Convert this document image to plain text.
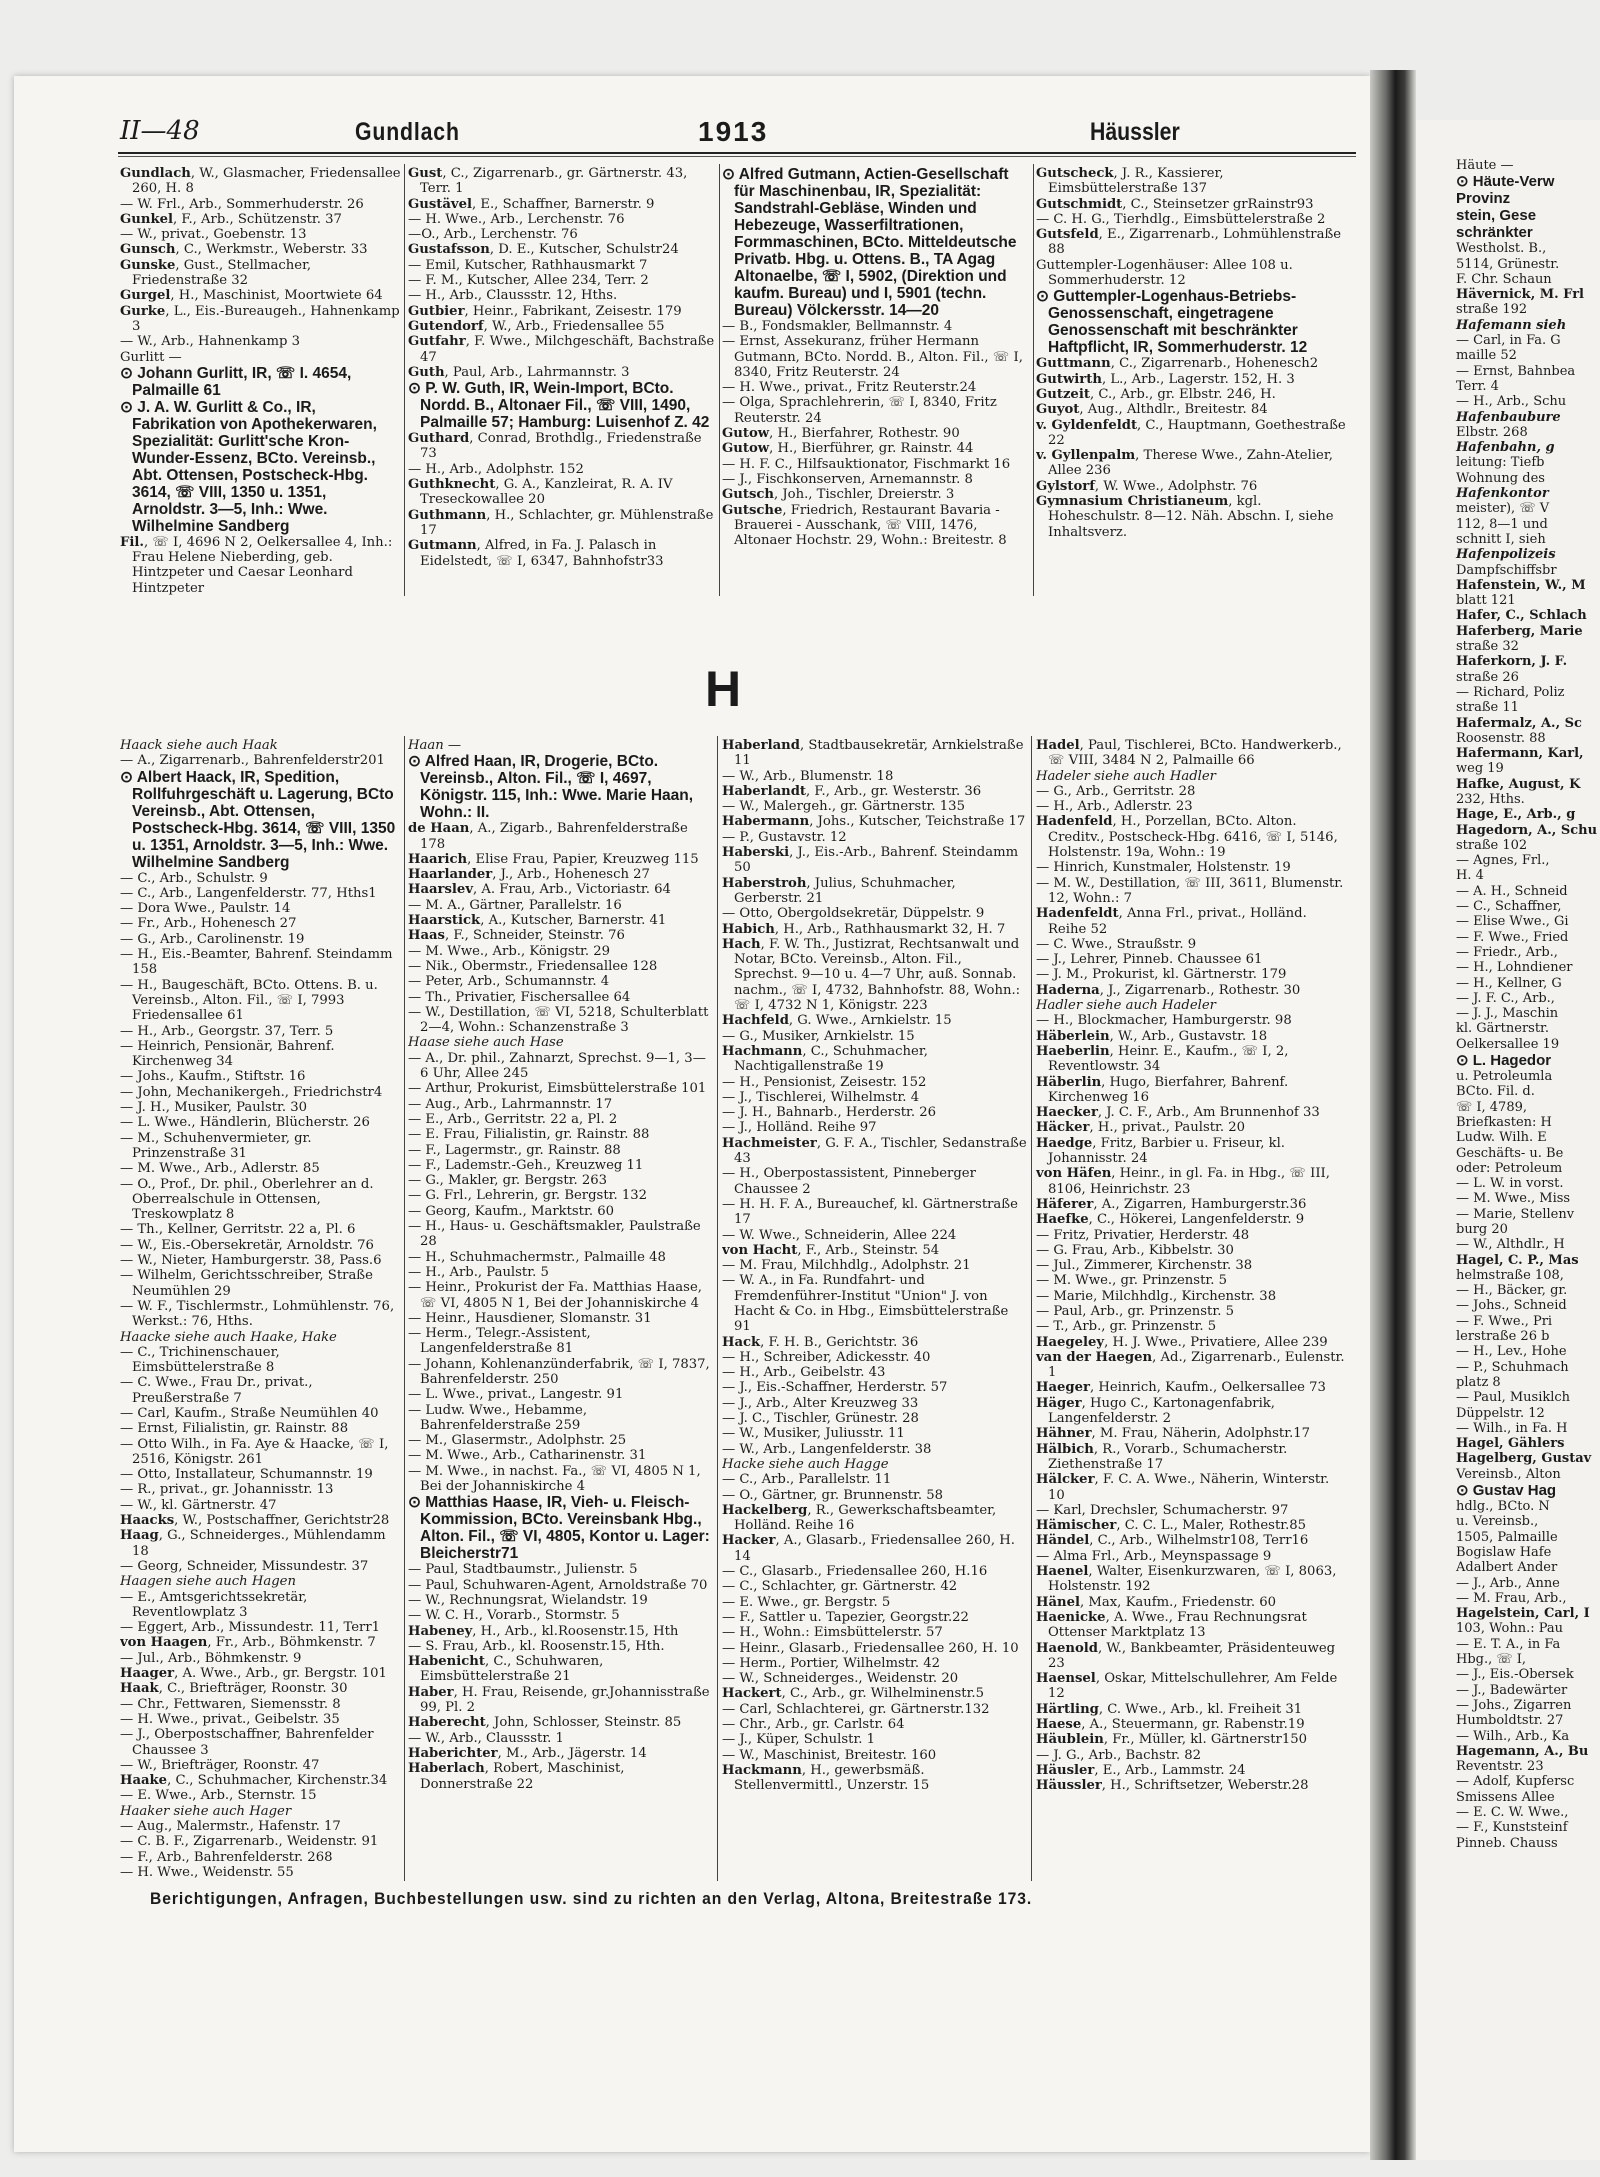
II—48	Gundlach	1913	Häussler

Gundlach, W., Glasmacher, Friedensallee 260, H. 8

— W. Frl., Arb., Sommerhuderstr. 26

Gunkel, F., Arb., Schützenstr. 37

— W., privat., Goebenstr. 13

Gunsch, C., Werkmstr., Weberstr. 33

Gunske, Gust., Stellmacher, Friedenstraße 32

Gurgel, H., Maschinist, Moortwiete 64

Gurke, L., Eis.-Bureaugeh., Hahnenkamp 3

— W., Arb., Hahnenkamp 3

Gurlitt —

⊙ Johann Gurlitt, IR, ☏ I. 4654, Palmaille 61

⊙ J. A. W. Gurlitt & Co., IR, Fabrikation von Apothekerwaren, Spezialität: Gurlitt'sche Kron-Wunder-Essenz, BCto. Vereinsb., Abt. Ottensen, Postscheck-Hbg. 3614, ☏ VIII, 1350 u. 1351, Arnoldstr. 3—5, Inh.: Wwe. Wilhelmine Sandberg

Fil., ☏ I, 4696 N 2, Oelkersallee 4, Inh.: Frau Helene Nieberding, geb. Hintzpeter und Caesar Leonhard Hintzpeter

Gust, C., Zigarrenarb., gr. Gärtnerstr. 43, Terr. 1

Gustävel, E., Schaffner, Barnerstr. 9

— H. Wwe., Arb., Lerchenstr. 76

—O., Arb., Lerchenstr. 76

Gustafsson, D. E., Kutscher, Schulstr24

— Emil, Kutscher, Rathhausmarkt 7

— F. M., Kutscher, Allee 234, Terr. 2

— H., Arb., Claussstr. 12, Hths.

Gutbier, Heinr., Fabrikant, Zeisestr. 179

Gutendorf, W., Arb., Friedensallee 55

Gutfahr, F. Wwe., Milchgeschäft, Bachstraße 47

Guth, Paul, Arb., Lahrmannstr. 3

⊙ P. W. Guth, IR, Wein-Import, BCto. Nordd. B., Altonaer Fil., ☏ VIII, 1490, Palmaille 57; Hamburg: Luisenhof Z. 42

Guthard, Conrad, Brothdlg., Friedenstraße 73

— H., Arb., Adolphstr. 152

Guthknecht, G. A., Kanzleirat, R. A. IV Treseckowallee 20

Guthmann, H., Schlachter, gr. Mühlenstraße 17

Gutmann, Alfred, in Fa. J. Palasch in Eidelstedt, ☏ I, 6347, Bahnhofstr33

⊙ Alfred Gutmann, Actien-Gesellschaft für Maschinenbau, IR, Spezialität: Sandstrahl-Gebläse, Winden und Hebezeuge, Wasserfiltrationen, Formmaschinen, BCto. Mitteldeutsche Privatb. Hbg. u. Ottens. B., TA Agag Altonaelbe, ☏ I, 5902, (Direktion und kaufm. Bureau) und I, 5901 (techn. Bureau) Völckersstr. 14—20

— B., Fondsmakler, Bellmannstr. 4

— Ernst, Assekuranz, früher Hermann Gutmann, BCto. Nordd. B., Alton. Fil., ☏ I, 8340, Fritz Reuterstr. 24

— H. Wwe., privat., Fritz Reuterstr.24

— Olga, Sprachlehrerin, ☏ I, 8340, Fritz Reuterstr. 24

Gutow, H., Bierfahrer, Rothestr. 90

Gutow, H., Bierführer, gr. Rainstr. 44

— H. F. C., Hilfsauktionator, Fischmarkt 16

— J., Fischkonserven, Arnemannstr. 8

Gutsch, Joh., Tischler, Dreierstr. 3

Gutsche, Friedrich, Restaurant Bavaria - Brauerei - Ausschank, ☏ VIII, 1476, Altonaer Hochstr. 29, Wohn.: Breitestr. 8

Gutscheck, J. R., Kassierer, Eimsbüttelerstraße 137

Gutschmidt, C., Steinsetzer grRainstr93

— C. H. G., Tierhdlg., Eimsbüttelerstraße 2

Gutsfeld, E., Zigarrenarb., Lohmühlenstraße 88

Guttempler-Logenhäuser: Allee 108 u. Sommerhuderstr. 12

⊙ Guttempler-Logenhaus-Betriebs-Genossenschaft, eingetragene Genossenschaft mit beschränkter Haftpflicht, IR, Sommerhuderstr. 12

Guttmann, C., Zigarrenarb., Hohenesch2

Gutwirth, L., Arb., Lagerstr. 152, H. 3

Gutzeit, C., Arb., gr. Elbstr. 246, H.

Guyot, Aug., Althdlr., Breitestr. 84

v. Gyldenfeldt, C., Hauptmann, Goethestraße 22

v. Gyllenpalm, Therese Wwe., Zahn-Atelier, Allee 236

Gylstorf, W. Wwe., Adolphstr. 76

Gymnasium Christianeum, kgl. Hoheschulstr. 8—12. Näh. Abschn. I, siehe Inhaltsverz.

H

Haack siehe auch Haak

— A., Zigarrenarb., Bahrenfelderstr201

⊙ Albert Haack, IR, Spedition, Rollfuhrgeschäft u. Lagerung, BCto Vereinsb., Abt. Ottensen, Postscheck-Hbg. 3614, ☏ VIII, 1350 u. 1351, Arnoldstr. 3—5, Inh.: Wwe. Wilhelmine Sandberg

— C., Arb., Schulstr. 9

— C., Arb., Langenfelderstr. 77, Hths1

— Dora Wwe., Paulstr. 14

— Fr., Arb., Hohenesch 27

— G., Arb., Carolinenstr. 19

— H., Eis.-Beamter, Bahrenf. Steindamm 158

— H., Baugeschäft, BCto. Ottens. B. u. Vereinsb., Alton. Fil., ☏ I, 7993 Friedensallee 61

— H., Arb., Georgstr. 37, Terr. 5

— Heinrich, Pensionär, Bahrenf. Kirchenweg 34

— Johs., Kaufm., Stiftstr. 16

— John, Mechanikergeh., Friedrichstr4

— J. H., Musiker, Paulstr. 30

— L. Wwe., Händlerin, Blücherstr. 26

— M., Schuhenvermieter, gr. Prinzenstraße 31

— M. Wwe., Arb., Adlerstr. 85

— O., Prof., Dr. phil., Oberlehrer an d. Oberrealschule in Ottensen, Treskowplatz 8

— Th., Kellner, Gerritstr. 22 a, Pl. 6

— W., Eis.-Obersekretär, Arnoldstr. 76

— W., Nieter, Hamburgerstr. 38, Pass.6

— Wilhelm, Gerichtsschreiber, Straße Neumühlen 29

— W. F., Tischlermstr., Lohmühlenstr. 76, Werkst.: 76, Hths.

Haacke siehe auch Haake, Hake

— C., Trichinenschauer, Eimsbüttelerstraße 8

— C. Wwe., Frau Dr., privat., Preußerstraße 7

— Carl, Kaufm., Straße Neumühlen 40

— Ernst, Filialistin, gr. Rainstr. 88

— Otto Wilh., in Fa. Aye & Haacke, ☏ I, 2516, Königstr. 261

— Otto, Installateur, Schumannstr. 19

— R., privat., gr. Johannisstr. 13

— W., kl. Gärtnerstr. 47

Haacks, W., Postschaffner, Gerichtstr28

Haag, G., Schneiderges., Mühlendamm 18

— Georg, Schneider, Missundestr. 37

Haagen siehe auch Hagen

— E., Amtsgerichtssekretär, Reventlowplatz 3

— Eggert, Arb., Missundestr. 11, Terr1

von Haagen, Fr., Arb., Böhmkenstr. 7

— Jul., Arb., Böhmkenstr. 9

Haager, A. Wwe., Arb., gr. Bergstr. 101

Haak, C., Briefträger, Roonstr. 30

— Chr., Fettwaren, Siemensstr. 8

— H. Wwe., privat., Geibelstr. 35

— J., Oberpostschaffner, Bahrenfelder Chaussee 3

— W., Briefträger, Roonstr. 47

Haake, C., Schuhmacher, Kirchenstr.34

— E. Wwe., Arb., Sternstr. 15

Haaker siehe auch Hager

— Aug., Malermstr., Hafenstr. 17

— C. B. F., Zigarrenarb., Weidenstr. 91

— F., Arb., Bahrenfelderstr. 268

— H. Wwe., Weidenstr. 55

Haan —

⊙ Alfred Haan, IR, Drogerie, BCto. Vereinsb., Alton. Fil., ☏ I, 4697, Königstr. 115, Inh.: Wwe. Marie Haan, Wohn.: II.

de Haan, A., Zigarb., Bahrenfelderstraße 178

Haarich, Elise Frau, Papier, Kreuzweg 115

Haarlander, J., Arb., Hohenesch 27

Haarslev, A. Frau, Arb., Victoriastr. 64

— M. A., Gärtner, Parallelstr. 16

Haarstick, A., Kutscher, Barnerstr. 41

Haas, F., Schneider, Steinstr. 76

— M. Wwe., Arb., Königstr. 29

— Nik., Obermstr., Friedensallee 128

— Peter, Arb., Schumannstr. 4

— Th., Privatier, Fischersallee 64

— W., Destillation, ☏ VI, 5218, Schulterblatt 2—4, Wohn.: Schanzenstraße 3

Haase siehe auch Hase

— A., Dr. phil., Zahnarzt, Sprechst. 9—1, 3—6 Uhr, Allee 245

— Arthur, Prokurist, Eimsbüttelerstraße 101

— Aug., Arb., Lahrmannstr. 17

— E., Arb., Gerritstr. 22 a, Pl. 2

— E. Frau, Filialistin, gr. Rainstr. 88

— F., Lagermstr., gr. Rainstr. 88

— F., Lademstr.-Geh., Kreuzweg 11

— G., Makler, gr. Bergstr. 263

— G. Frl., Lehrerin, gr. Bergstr. 132

— Georg, Kaufm., Marktstr. 60

— H., Haus- u. Geschäftsmakler, Paulstraße 28

— H., Schuhmachermstr., Palmaille 48

— H., Arb., Paulstr. 5

— Heinr., Prokurist der Fa. Matthias Haase, ☏ VI, 4805 N 1, Bei der Johanniskirche 4

— Heinr., Hausdiener, Slomanstr. 31

— Herm., Telegr.-Assistent, Langenfelderstraße 81

— Johann, Kohlenanzünderfabrik, ☏ I, 7837, Bahrenfelderstr. 250

— L. Wwe., privat., Langestr. 91

— Ludw. Wwe., Hebamme, Bahrenfelderstraße 259

— M., Glasermstr., Adolphstr. 25

— M. Wwe., Arb., Catharinenstr. 31

— M. Wwe., in nachst. Fa., ☏ VI, 4805 N 1, Bei der Johanniskirche 4

⊙ Matthias Haase, IR, Vieh- u. Fleisch-Kommission, BCto. Vereinsbank Hbg., Alton. Fil., ☏ VI, 4805, Kontor u. Lager: Bleicherstr71

— Paul, Stadtbaumstr., Julienstr. 5

— Paul, Schuhwaren-Agent, Arnoldstraße 70

— W., Rechnungsrat, Wielandstr. 19

— W. C. H., Vorarb., Stormstr. 5

Habeney, H., Arb., kl.Roosenstr.15, Hth

— S. Frau, Arb., kl. Roosenstr.15, Hth.

Habenicht, C., Schuhwaren, Eimsbüttelerstraße 21

Haber, H. Frau, Reisende, gr.Johannisstraße 99, Pl. 2

Haberecht, John, Schlosser, Steinstr. 85

— W., Arb., Claussstr. 1

Haberichter, M., Arb., Jägerstr. 14

Haberlach, Robert, Maschinist, Donnerstraße 22

Haberland, Stadtbausekretär, Arnkielstraße 11

— W., Arb., Blumenstr. 18

Haberlandt, F., Arb., gr. Westerstr. 36

— W., Malergeh., gr. Gärtnerstr. 135

Habermann, Johs., Kutscher, Teichstraße 17

— P., Gustavstr. 12

Haberski, J., Eis.-Arb., Bahrenf. Steindamm 50

Haberstroh, Julius, Schuhmacher, Gerberstr. 21

— Otto, Obergoldsekretär, Düppelstr. 9

Habich, H., Arb., Rathhausmarkt 32, H. 7

Hach, F. W. Th., Justizrat, Rechtsanwalt und Notar, BCto. Vereinsb., Alton. Fil., Sprechst. 9—10 u. 4—7 Uhr, auß. Sonnab. nachm., ☏ I, 4732, Bahnhofstr. 88, Wohn.: ☏ I, 4732 N 1, Königstr. 223

Hachfeld, G. Wwe., Arnkielstr. 15

— G., Musiker, Arnkielstr. 15

Hachmann, C., Schuhmacher, Nachtigallenstraße 19

— H., Pensionist, Zeisestr. 152

— J., Tischlerei, Wilhelmstr. 4

— J. H., Bahnarb., Herderstr. 26

— J., Holländ. Reihe 97

Hachmeister, G. F. A., Tischler, Sedanstraße 43

— H., Oberpostassistent, Pinneberger Chaussee 2

— H. H. F. A., Bureauchef, kl. Gärtnerstraße 17

— W. Wwe., Schneiderin, Allee 224

von Hacht, F., Arb., Steinstr. 54

— M. Frau, Milchhdlg., Adolphstr. 21

— W. A., in Fa. Rundfahrt- und Fremdenführer-Institut "Union" J. von Hacht & Co. in Hbg., Eimsbüttelerstraße 91

Hack, F. H. B., Gerichtstr. 36

— H., Schreiber, Adickesstr. 40

— H., Arb., Geibelstr. 43

— J., Eis.-Schaffner, Herderstr. 57

— J., Arb., Alter Kreuzweg 33

— J. C., Tischler, Grünestr. 28

— W., Musiker, Juliusstr. 11

— W., Arb., Langenfelderstr. 38

Hacke siehe auch Hagge

— C., Arb., Parallelstr. 11

— O., Gärtner, gr. Brunnenstr. 58

Hackelberg, R., Gewerkschaftsbeamter, Holländ. Reihe 16

Hacker, A., Glasarb., Friedensallee 260, H. 14

— C., Glasarb., Friedensallee 260, H.16

— C., Schlachter, gr. Gärtnerstr. 42

— E. Wwe., gr. Bergstr. 5

— F., Sattler u. Tapezier, Georgstr.22

— H., Wohn.: Eimsbüttelerstr. 57

— Heinr., Glasarb., Friedensallee 260, H. 10

— Herm., Portier, Wilhelmstr. 42

— W., Schneiderges., Weidenstr. 20

Hackert, C., Arb., gr. Wilhelminenstr.5

— Carl, Schlachterei, gr. Gärtnerstr.132

— Chr., Arb., gr. Carlstr. 64

— J., Küper, Schulstr. 1

— W., Maschinist, Breitestr. 160

Hackmann, H., gewerbsmäß. Stellenvermittl., Unzerstr. 15

Hadel, Paul, Tischlerei, BCto. Handwerkerb., ☏ VIII, 3484 N 2, Palmaille 66

Hadeler siehe auch Hadler

— G., Arb., Gerritstr. 28

— H., Arb., Adlerstr. 23

Hadenfeld, H., Porzellan, BCto. Alton. Creditv., Postscheck-Hbg. 6416, ☏ I, 5146, Holstenstr. 19a, Wohn.: 19

— Hinrich, Kunstmaler, Holstenstr. 19

— M. W., Destillation, ☏ III, 3611, Blumenstr. 12, Wohn.: 7

Hadenfeldt, Anna Frl., privat., Holländ. Reihe 52

— C. Wwe., Straußstr. 9

— J., Lehrer, Pinneb. Chaussee 61

— J. M., Prokurist, kl. Gärtnerstr. 179

Haderna, J., Zigarrenarb., Rothestr. 30

Hadler siehe auch Hadeler

— H., Blockmacher, Hamburgerstr. 98

Häberlein, W., Arb., Gustavstr. 18

Haeberlin, Heinr. E., Kaufm., ☏ I, 2, Reventlowstr. 34

Häberlin, Hugo, Bierfahrer, Bahrenf. Kirchenweg 16

Haecker, J. C. F., Arb., Am Brunnenhof 33

Häcker, H., privat., Paulstr. 20

Haedge, Fritz, Barbier u. Friseur, kl. Johannisstr. 24

von Häfen, Heinr., in gl. Fa. in Hbg., ☏ III, 8106, Heinrichstr. 23

Häferer, A., Zigarren, Hamburgerstr.36

Haefke, C., Hökerei, Langenfelderstr. 9

— Fritz, Privatier, Herderstr. 48

— G. Frau, Arb., Kibbelstr. 30

— Jul., Zimmerer, Kirchenstr. 38

— M. Wwe., gr. Prinzenstr. 5

— Marie, Milchhdlg., Kirchenstr. 38

— Paul, Arb., gr. Prinzenstr. 5

— T., Arb., gr. Prinzenstr. 5

Haegeley, H. J. Wwe., Privatiere, Allee 239

van der Haegen, Ad., Zigarrenarb., Eulenstr. 1

Haeger, Heinrich, Kaufm., Oelkersallee 73

Häger, Hugo C., Kartonagenfabrik, Langenfelderstr. 2

Hähner, M. Frau, Näherin, Adolphstr.17

Hälbich, R., Vorarb., Schumacherstr. Ziethenstraße 17

Hälcker, F. C. A. Wwe., Näherin, Winterstr. 10

— Karl, Drechsler, Schumacherstr. 97

Hämischer, C. C. L., Maler, Rothestr.85

Händel, C., Arb., Wilhelmstr108, Terr16

— Alma Frl., Arb., Meynspassage 9

Haenel, Walter, Eisenkurzwaren, ☏ I, 8063, Holstenstr. 192

Hänel, Max, Kaufm., Friedenstr. 60

Haenicke, A. Wwe., Frau Rechnungsrat Ottenser Marktplatz 13

Haenold, W., Bankbeamter, Präsidenteuweg 23

Haensel, Oskar, Mittelschullehrer, Am Felde 12

Härtling, C. Wwe., Arb., kl. Freiheit 31

Haese, A., Steuermann, gr. Rabenstr.19

Häublein, Fr., Müller, kl. Gärtnerstr150

— J. G., Arb., Bachstr. 82

Häusler, E., Arb., Lammstr. 24

Häussler, H., Schriftsetzer, Weberstr.28

Berichtigungen, Anfragen, Buchbestellungen usw. sind zu richten an den Verlag, Altona, Breitestraße 173.

Häute —

⊙ Häute-Verw

Provinz

stein, Gese

schränkter

Westholst. B.,

5114, Grünestr.

F. Chr. Schaun

Hävernick, M. Frl

straße 192

Hafemann sieh

— Carl, in Fa. G

maille 52

— Ernst, Bahnbea

Terr. 4

— H., Arb., Schu

Hafenbaubure

Elbstr. 268

Hafenbahn, g

leitung: Tiefb

Wohnung des

Hafenkontor

meister), ☏ V

112, 8—1 und

schnitt I, sieh

Hafenpolizeis

Dampfschiffsbr

Hafenstein, W., M

blatt 121

Hafer, C., Schlach

Haferberg, Marie

straße 32

Haferkorn, J. F.

straße 26

— Richard, Poliz

straße 11

Hafermalz, A., Sc

Roosenstr. 88

Hafermann, Karl,

weg 19

Hafke, August, K

232, Hths.

Hage, E., Arb., g

Hagedorn, A., Schu

straße 102

— Agnes, Frl.,

H. 4

— A. H., Schneid

— C., Schaffner,

— Elise Wwe., Gi

— F. Wwe., Fried

— Friedr., Arb.,

— H., Lohndiener

— H., Kellner, G

— J. F. C., Arb.,

— J. J., Maschin

kl. Gärtnerstr.

Oelkersallee 19

⊙ L. Hagedor

u. Petroleumla

BCto. Fil. d.

☏ I, 4789,

Briefkasten: H

Ludw. Wilh. E

Geschäfts- u. Be

oder: Petroleum

— L. W. in vorst.

— M. Wwe., Miss

— Marie, Stellenv

burg 20

— W., Althdlr., H

Hagel, C. P., Mas

helmstraße 108,

— H., Bäcker, gr.

— Johs., Schneid

— F. Wwe., Pri

lerstraße 26 b

— H., Lev., Hohe

— P., Schuhmach

platz 8

— Paul, Musiklch

Düppelstr. 12

— Wilh., in Fa. H

Hagel, Gählers

Hagelberg, Gustav

Vereinsb., Alton

⊙ Gustav Hag

hdlg., BCto. N

u. Vereinsb.,

1505, Palmaille

Bogislaw Hafe

Adalbert Ander

— J., Arb., Anne

— M. Frau, Arb.,

Hagelstein, Carl, I

103, Wohn.: Pau

— E. T. A., in Fa

Hbg., ☏ I,

— J., Eis.-Obersek

— J., Badewärter

— Johs., Zigarren

Humboldtstr. 27

— Wilh., Arb., Ka

Hagemann, A., Bu

Reventstr. 23

— Adolf, Kupfersc

Smissens Allee

— E. C. W. Wwe.,

— F., Kunststeinf

Pinneb. Chauss
